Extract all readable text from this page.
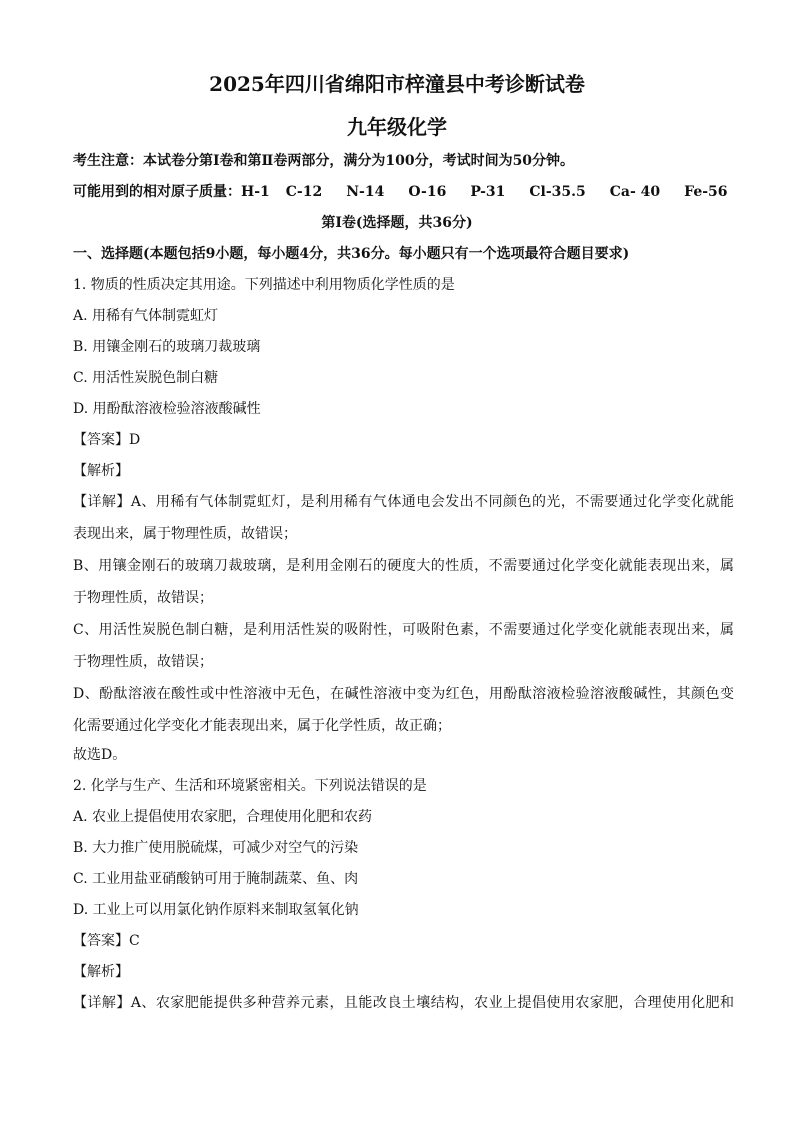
2025年四川省绵阳市梓潼县中考诊断试卷
九年级化学
考生注意：本试卷分第Ⅰ卷和第Ⅱ卷两部分，满分为100分，考试时间为50分钟。
可能用到的相对原子质量： H-1 C-12 N-14 O-16 P-31 Cl-35.5 Ca- 40 Fe-56
第Ⅰ卷(选择题，共36分)
一、选择题(本题包括9小题，每小题4分，共36分。每小题只有一个选项最符合题目要求)
1. 物质的性质决定其用途。下列描述中利用物质化学性质的是
A. 用稀有气体制霓虹灯
B. 用镶金刚石的玻璃刀裁玻璃
C. 用活性炭脱色制白糖
D. 用酚酞溶液检验溶液酸碱性
【答案】D
【解析】
【详解】A、用稀有气体制霓虹灯，是利用稀有气体通电会发出不同颜色的光，不需要通过化学变化就能
表现出来，属于物理性质，故错误；
B、用镶金刚石的玻璃刀裁玻璃，是利用金刚石的硬度大的性质，不需要通过化学变化就能表现出来，属
于物理性质，故错误；
C、用活性炭脱色制白糖，是利用活性炭的吸附性，可吸附色素，不需要通过化学变化就能表现出来，属
于物理性质，故错误；
D、酚酞溶液在酸性或中性溶液中无色，在碱性溶液中变为红色，用酚酞溶液检验溶液酸碱性，其颜色变
化需要通过化学变化才能表现出来，属于化学性质，故正确；
故选D。
2. 化学与生产、生活和环境紧密相关。下列说法错误的是
A. 农业上提倡使用农家肥，合理使用化肥和农药
B. 大力推广使用脱硫煤，可减少对空气的污染
C. 工业用盐亚硝酸钠可用于腌制蔬菜、鱼、肉
D. 工业上可以用氯化钠作原料来制取氢氧化钠
【答案】C
【解析】
【详解】A、农家肥能提供多种营养元素，且能改良土壤结构，农业上提倡使用农家肥，合理使用化肥和
